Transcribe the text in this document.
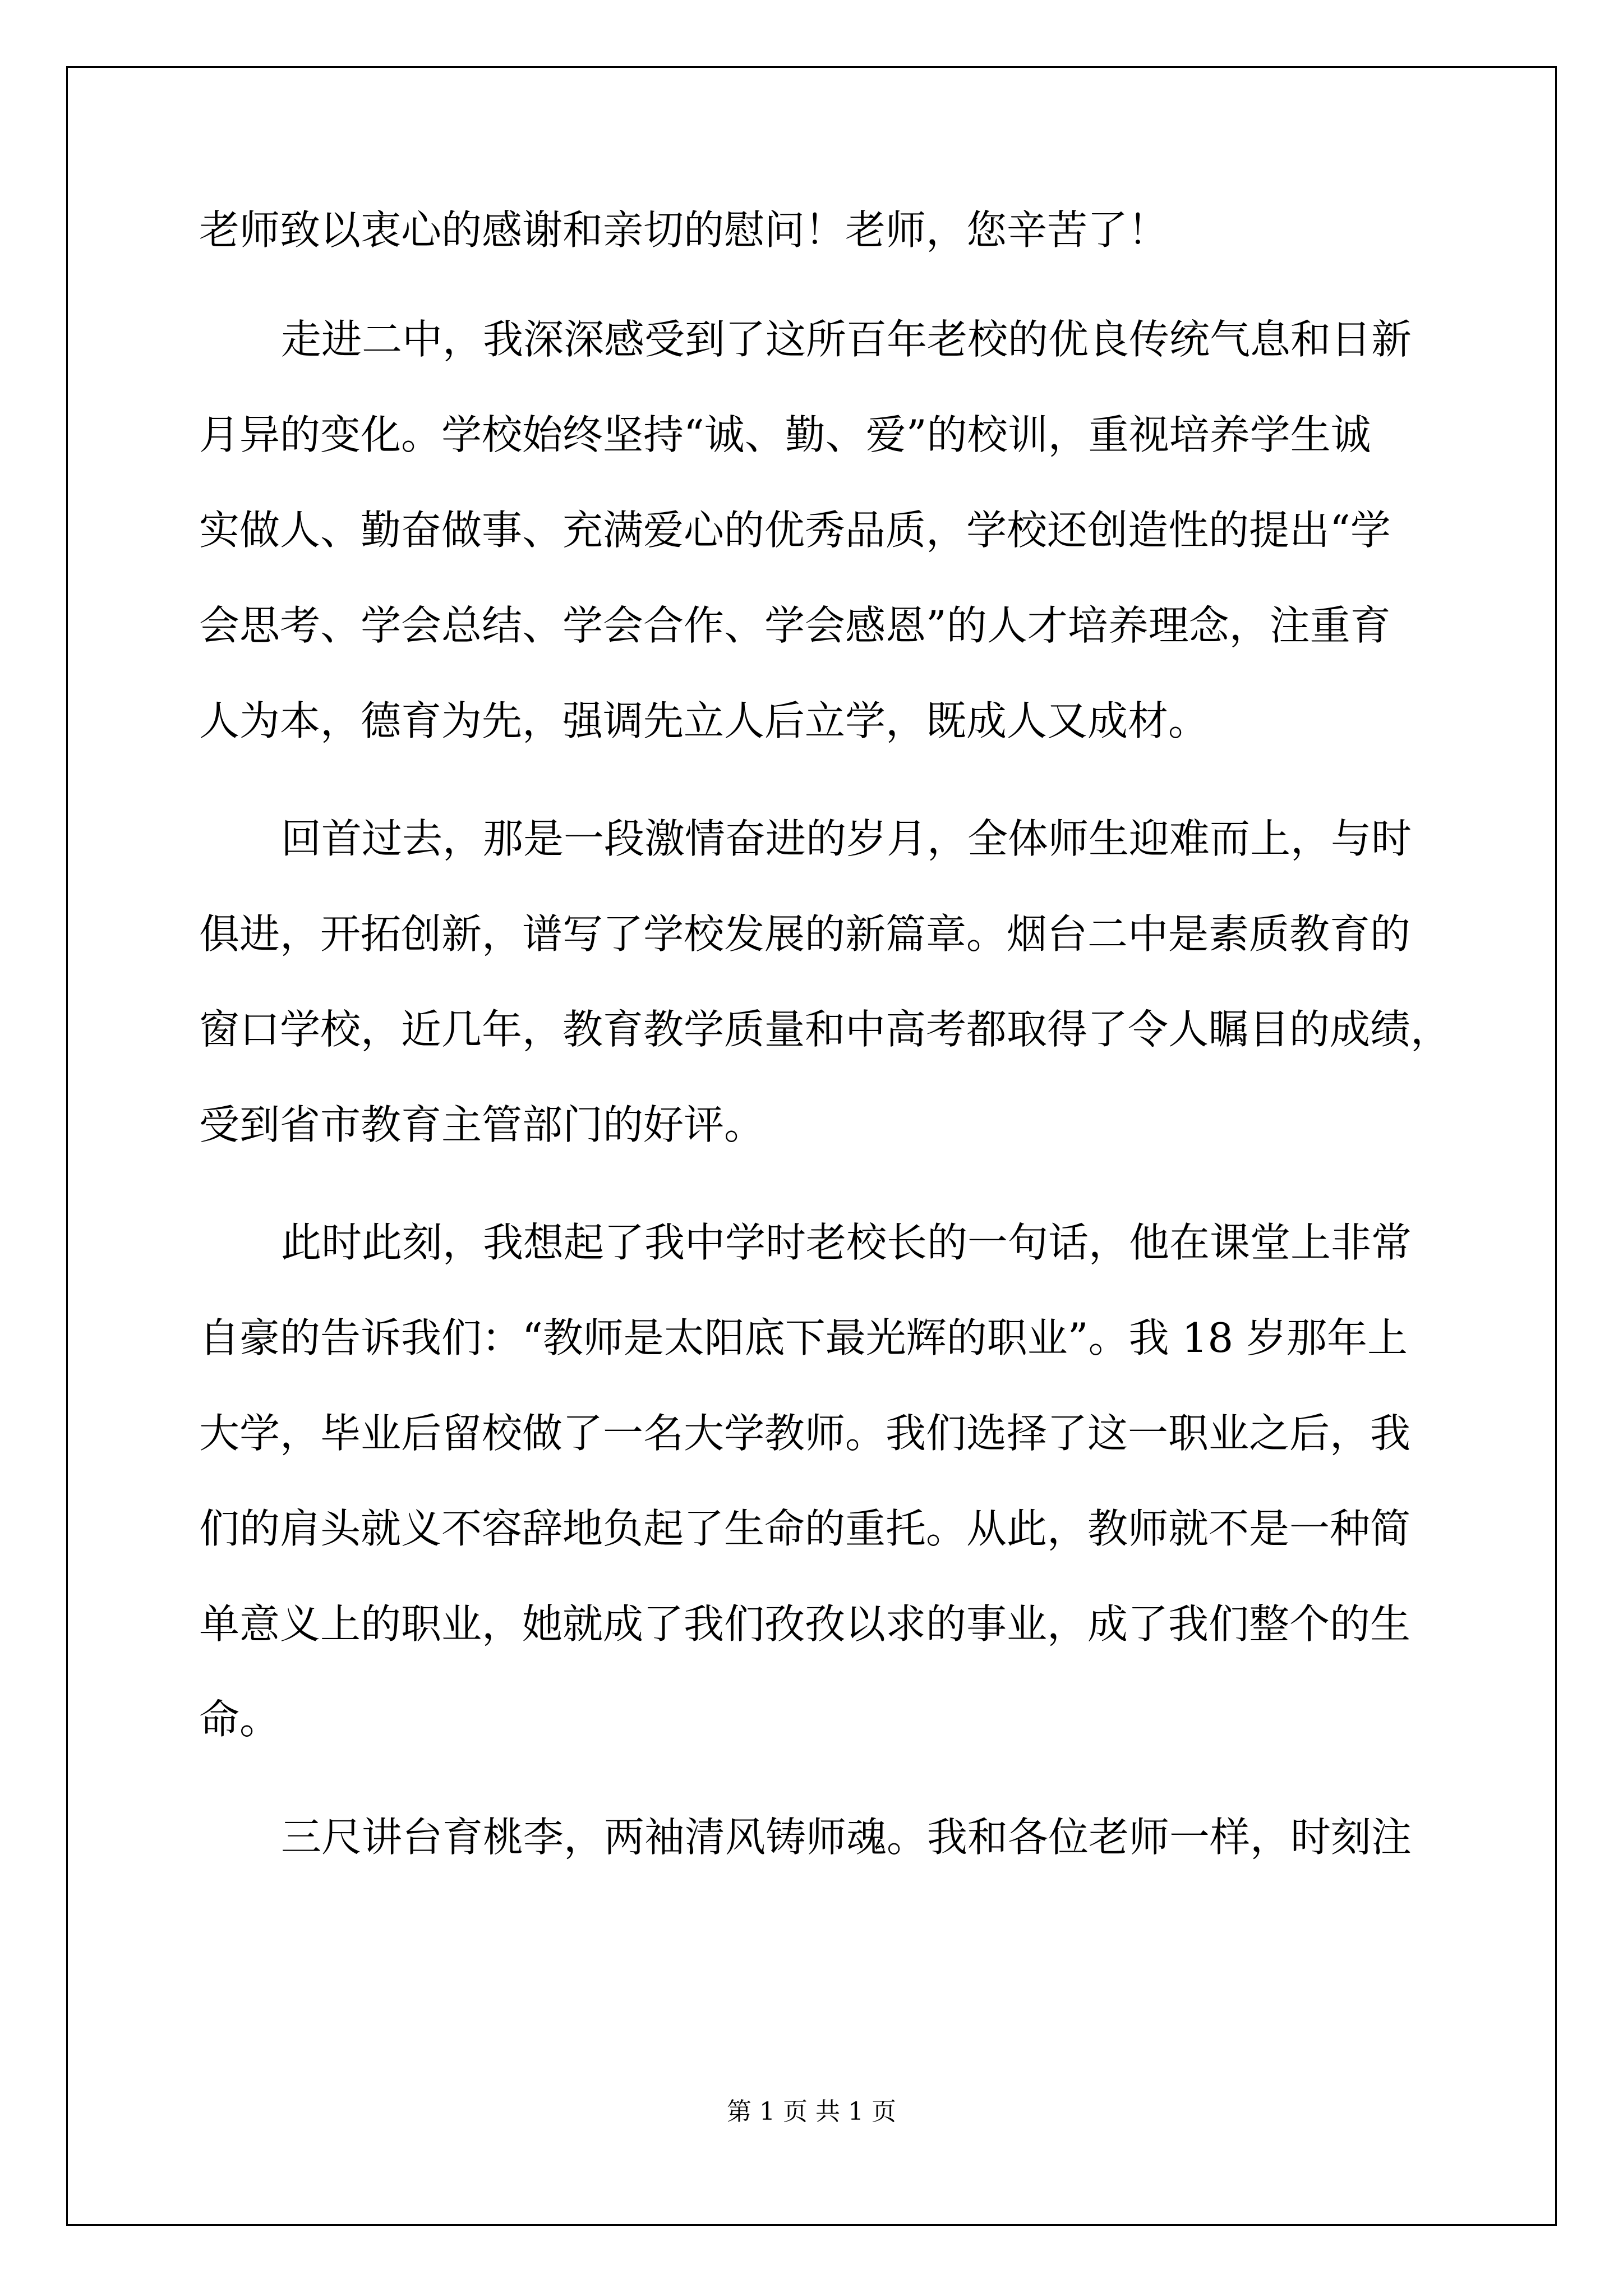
老师致以衷心的感谢和亲切的慰问！老师，您辛苦了！
走进二中，我深深感受到了这所百年老校的优良传统气息和日新
月异的变化。学校始终坚持“诚、勤、爱”的校训，重视培养学生诚
实做人、勤奋做事、充满爱心的优秀品质，学校还创造性的提出“学
会思考、学会总结、学会合作、学会感恩”的人才培养理念，注重育
人为本，德育为先，强调先立人后立学，既成人又成材。
回首过去，那是一段激情奋进的岁月，全体师生迎难而上，与时
俱进，开拓创新，谱写了学校发展的新篇章。烟台二中是素质教育的
窗口学校，近几年，教育教学质量和中高考都取得了令人瞩目的成绩，
受到省市教育主管部门的好评。
此时此刻，我想起了我中学时老校长的一句话，他在课堂上非常
自豪的告诉我们：“教师是太阳底下最光辉的职业”。我 18 岁那年上
大学，毕业后留校做了一名大学教师。我们选择了这一职业之后，我
们的肩头就义不容辞地负起了生命的重托。从此，教师就不是一种简
单意义上的职业，她就成了我们孜孜以求的事业，成了我们整个的生
命。
三尺讲台育桃李，两袖清风铸师魂。我和各位老师一样，时刻注
第 1 页 共 1 页
